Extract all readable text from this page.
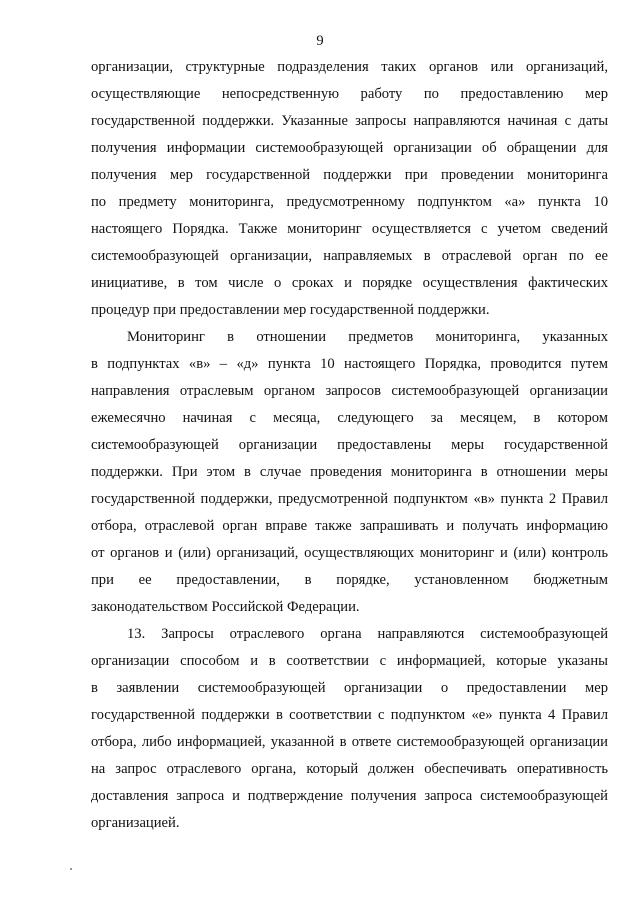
9
организации, структурные подразделения таких органов или организаций,
осуществляющие непосредственную работу по предоставлению мер
государственной поддержки. Указанные запросы направляются начиная с даты
получения информации системообразующей организации об обращении для
получения мер государственной поддержки при проведении мониторинга
по предмету мониторинга, предусмотренному подпунктом «а» пункта 10
настоящего Порядка. Также мониторинг осуществляется с учетом сведений
системообразующей организации, направляемых в отраслевой орган по ее
инициативе, в том числе о сроках и порядке осуществления фактических
процедур при предоставлении мер государственной поддержки.
Мониторинг в отношении предметов мониторинга, указанных
в подпунктах «в» – «д» пункта 10 настоящего Порядка, проводится путем
направления отраслевым органом запросов системообразующей организации
ежемесячно начиная с месяца, следующего за месяцем, в котором
системообразующей организации предоставлены меры государственной
поддержки. При этом в случае проведения мониторинга в отношении меры
государственной поддержки, предусмотренной подпунктом «в» пункта 2 Правил
отбора, отраслевой орган вправе также запрашивать и получать информацию
от органов и (или) организаций, осуществляющих мониторинг и (или) контроль
при ее предоставлении, в порядке, установленном бюджетным
законодательством Российской Федерации.
13. Запросы отраслевого органа направляются системообразующей
организации способом и в соответствии с информацией, которые указаны
в заявлении системообразующей организации о предоставлении мер
государственной поддержки в соответствии с подпунктом «е» пункта 4 Правил
отбора, либо информацией, указанной в ответе системообразующей организации
на запрос отраслевого органа, который должен обеспечивать оперативность
доставления запроса и подтверждение получения запроса системообразующей
организацией.
